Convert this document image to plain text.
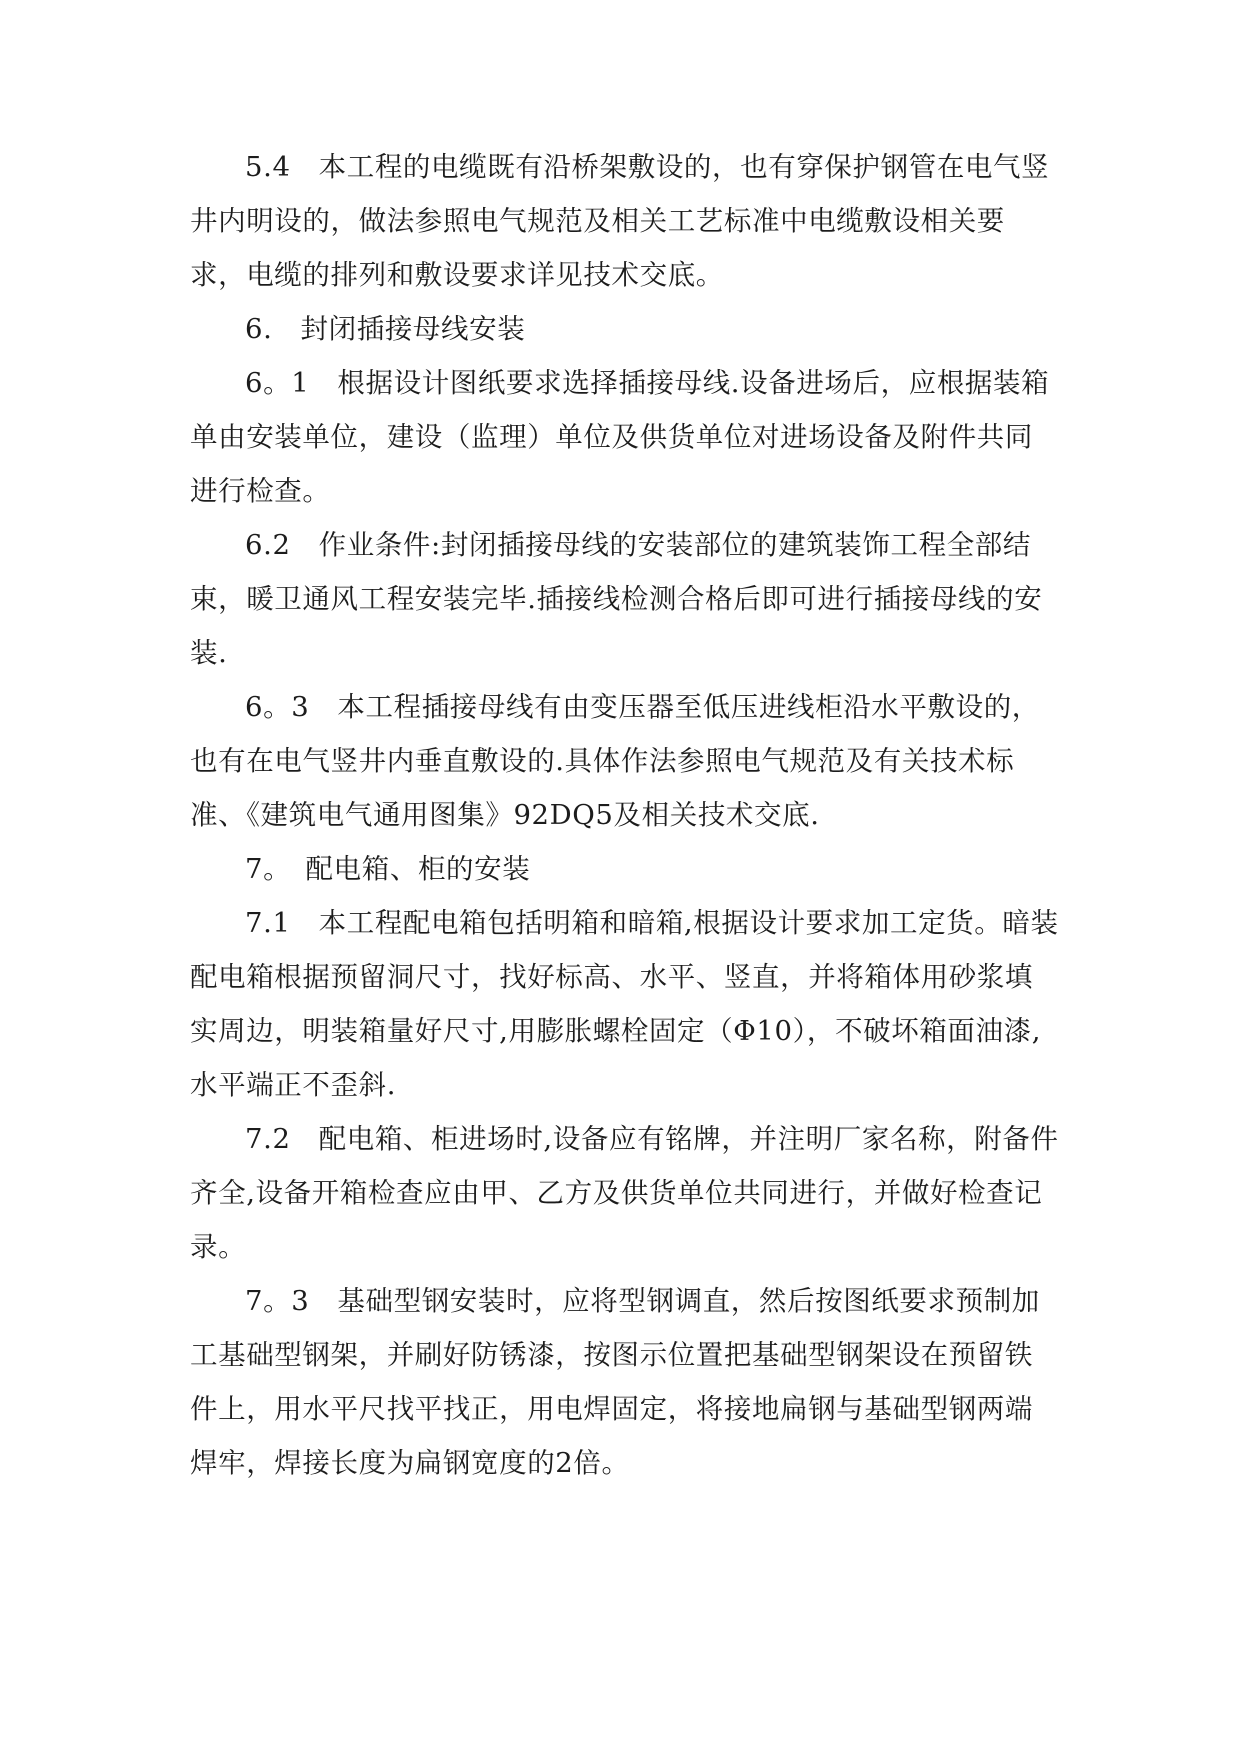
5.4　本工程的电缆既有沿桥架敷设的，也有穿保护钢管在电气竖井内明设的，做法参照电气规范及相关工艺标准中电缆敷设相关要求，电缆的排列和敷设要求详见技术交底。

6.　封闭插接母线安装

6。1　根据设计图纸要求选择插接母线.设备进场后，应根据装箱单由安装单位，建设（监理）单位及供货单位对进场设备及附件共同进行检查。

6.2　作业条件:封闭插接母线的安装部位的建筑装饰工程全部结束，暖卫通风工程安装完毕.插接线检测合格后即可进行插接母线的安装.

6。3　本工程插接母线有由变压器至低压进线柜沿水平敷设的，也有在电气竖井内垂直敷设的.具体作法参照电气规范及有关技术标准、《建筑电气通用图集》92DQ5及相关技术交底.

7。　配电箱、柜的安装

7.1　本工程配电箱包括明箱和暗箱,根据设计要求加工定货。暗装配电箱根据预留洞尺寸，找好标高、水平、竖直，并将箱体用砂浆填实周边，明装箱量好尺寸,用膨胀螺栓固定（Φ10），不破坏箱面油漆,水平端正不歪斜.

7.2　配电箱、柜进场时,设备应有铭牌，并注明厂家名称，附备件齐全,设备开箱检查应由甲、乙方及供货单位共同进行，并做好检查记录。

7。3　基础型钢安装时，应将型钢调直，然后按图纸要求预制加工基础型钢架，并刷好防锈漆，按图示位置把基础型钢架设在预留铁件上，用水平尺找平找正，用电焊固定，将接地扁钢与基础型钢两端焊牢，焊接长度为扁钢宽度的2倍。
